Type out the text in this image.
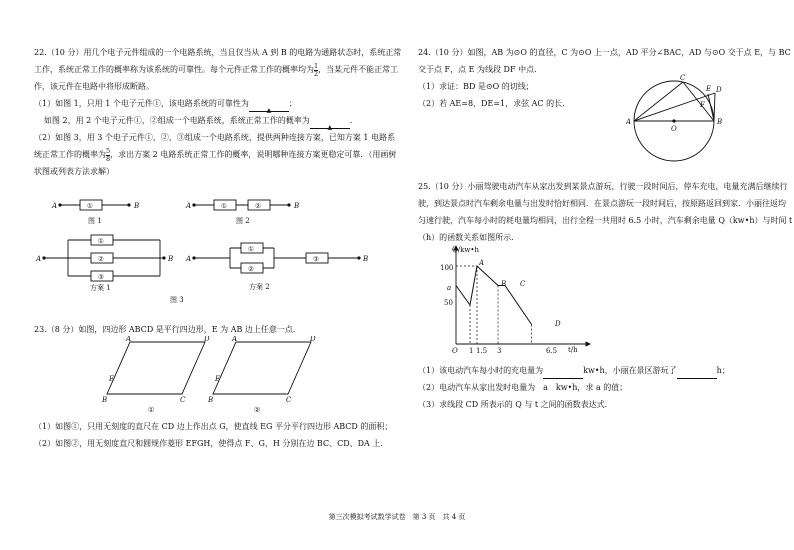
22.（10 分）用几个电子元件组成的一个电路系统，当且仅当从 A 到 B 的电路为通路状态时，系统正常

工作，系统正常工作的概率称为该系统的可靠性。每个元件正常工作的概率均为$\frac{1}{2}$ ，当某元件不能正常工

作，该元件在电路中将形成断路。

（1）如图 1，只用 1 个电子元件①，该电路系统的可靠性为▲；

如图 2，用 2 个电子元件①，②组成一个电路系统，系统正常工作的概率为▲．

（2）如图 3，用 3 个电子元件①，②，③组成一个电路系统，提供两种连接方案，已知方案 1 电路系

统正常工作的概率为$\frac{5}{8}$ ，求出方案 2 电路系统正常工作的概率，说明哪种连接方案更稳定可靠．（用画树

状图或列表方法求解）

A	B	A	B
A	B A	B
①	①	②
①
②
③
①
②
③
图 1	图 2
方案 1	方案 2
图 3

23.（8 分）如图，四边形 ABCD 是平行四边形，E 为 AB 边上任意一点．

A	D
B	C
E
A	D
B	C
E
①	②

（1）如图①，只用无刻度的直尺在 CD 边上作出点 G，使直线 EG 平分平行四边形 ABCD 的面积；

（2）如图②，用无刻度直尺和圆规作菱形 EFGH，使得点 F、G、H 分别在边 BC、CD、DA 上．

24.（10 分）如图，AB 为⊙O 的直径，C 为⊙O 上一点，AD 平分∠BAC，AD 与⊙O 交于点 E，与 BC

交于点 F，点 E 为线段 DF 中点．

（1）求证：BD 是⊙O 的切线；

（2）若 AE=8，DE=1，求弦 AC 的长．

A	B
C
D
E
F
O

25.（10 分）小丽驾驶电动汽车从家出发到某景点游玩，行驶一段时间后，停车充电，电量充满后继续行

驶，到达景点时汽车剩余电量与出发时恰好相同．在景点游玩一段时间后，按原路返回到家．小丽往返均

匀速行驶，汽车每小时的耗电量均相同，出行全程一共用时 6.5 小时，汽车剩余电量 Q（kw•h）与时间 t

（h）的函数关系如图所示．

Q/kw•h
t/h
100
a
50
O 1 1.5 3	6.5
A
B C
D

（1）该电动汽车每小时的充电量为	kw•h，小丽在景区游玩了	h；

（2）电动汽车从家出发时电量为　a　kw•h，求 a 的值；

（3）求线段 CD 所表示的 Q 与 t 之间的函数表达式．

第三次模拟考试数学试卷　第 3 页　共 4 页
